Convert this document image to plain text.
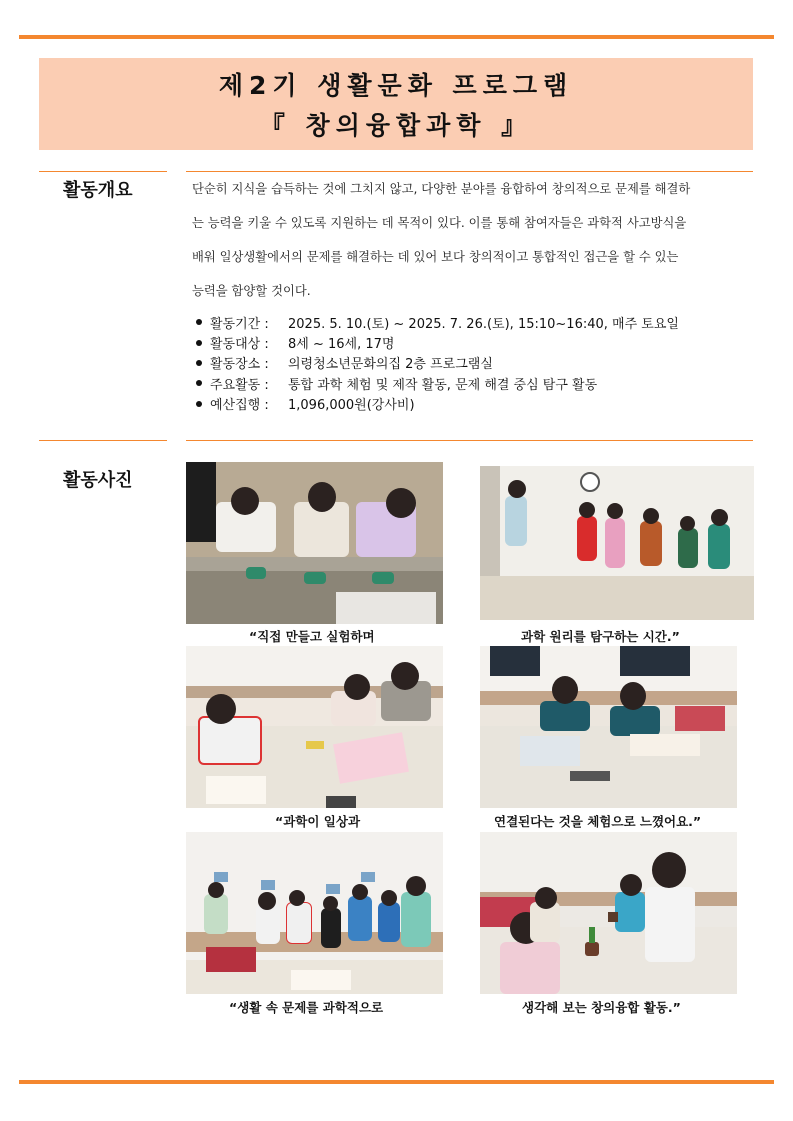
제2기 생활문화 프로그램
『 창의융합과학 』
활동개요	단순히 지식을 습득하는 것에 그치지 않고, 다양한 분야를 융합하여 창의적으로 문제를 해결하
는 능력을 키울 수 있도록 지원하는 데 목적이 있다. 이를 통해 참여자들은 과학적 사고방식을
배워 일상생활에서의 문제를 해결하는 데 있어 보다 창의적이고 통합적인 접근을 할 수 있는
능력을 함양할 것이다.
활동기간 :	2025. 5. 10.(토) ~ 2025. 7. 26.(토), 15:10~16:40, 매주 토요일
활동대상 :	8세 ~ 16세, 17명
활동장소 :	의령청소년문화의집 2층 프로그램실
주요활동 :	통합 과학 체험 및 제작 활동, 문제 해결 중심 탐구 활동
예산집행 :	1,096,000원(강사비)
활동사진
“직접 만들고 실험하며	과학 원리를 탐구하는 시간.”
“과학이 일상과	연결된다는 것을 체험으로 느꼈어요.”
“생활 속 문제를 과학적으로	생각해 보는 창의융합 활동.”
